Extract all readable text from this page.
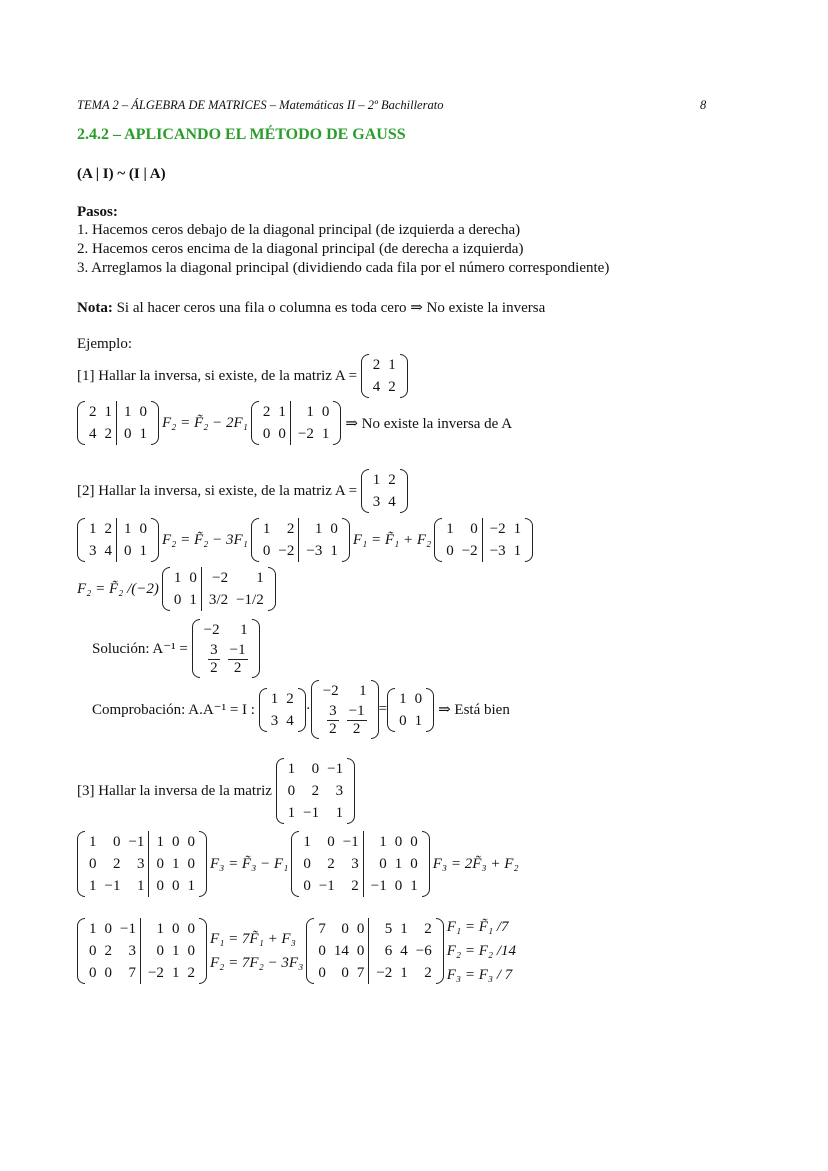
TEMA 2 – ÁLGEBRA DE MATRICES – Matemáticas II – 2º Bachillerato	8
2.4.2 – APLICANDO EL MÉTODO DE GAUSS
(A | I) ~ (I | A)
Pasos:
1. Hacemos ceros debajo de la diagonal principal (de izquierda a derecha)
2. Hacemos ceros encima de la diagonal principal (de derecha a izquierda)
3. Arreglamos la diagonal principal (dividiendo cada fila por el número correspondiente)
Nota: Si al hacer ceros una fila o columna es toda cero ⇒ No existe la inversa
Ejemplo:
[1] Hallar la inversa, si existe, de la matriz A =

2	1
4	2
2	1	1	0
4	2	0	1
F₂ = F̃₂ − 2F₁
2	1	1	0
0	0	−2	1
⇒ No existe la inversa de A
[2] Hallar la inversa, si existe, de la matriz A =

1	2
3	4
1	2	1	0
3	4	0	1
F₂ = F̃₂ − 3F₁
1	2	1	0
0	−2	−3	1
F₁ = F̃₁ + F₂
1	0	−2	1
0	−2	−3	1
F₂ = F̃₂ /(−2)
1	0	−2	1
0	1	3/2	−1/2
Solución: A⁻¹ =

−2	1

$\frac{3}{2}$	$\frac{-1}{2}$
Comprobación: A.A⁻¹ = I :

1	2
3	4
·
−2	1

$\frac{3}{2}$	$\frac{-1}{2}$ =
1	0
0	1
⇒ Está bien
[3] Hallar la inversa de la matriz

1	0	−1
0	2	3
1	−1	1
1	0	−1	1	0	0
0	2	3	0	1	0
1	−1	1	0	0	1
F₃ = F̃₃ − F₁
1	0	−1	1	0	0
0	2	3	0	1	0
0	−1	2	−1	0	1
F₃ = 2F̃₃ + F₂
1	0	−1	1	0	0
0	2	3	0	1	0
0	0	7	−2	1	2
F₁ = 7F̃₁ + F₃
F₂ = 7F₂ − 3F₃
7	0	0	5	1	2
0	14	0	6	4	−6
0	0	7	−2	1	2
F₁ = F̃₁ /7
F₂ = F₂ /14
F₃ = F₃ / 7
